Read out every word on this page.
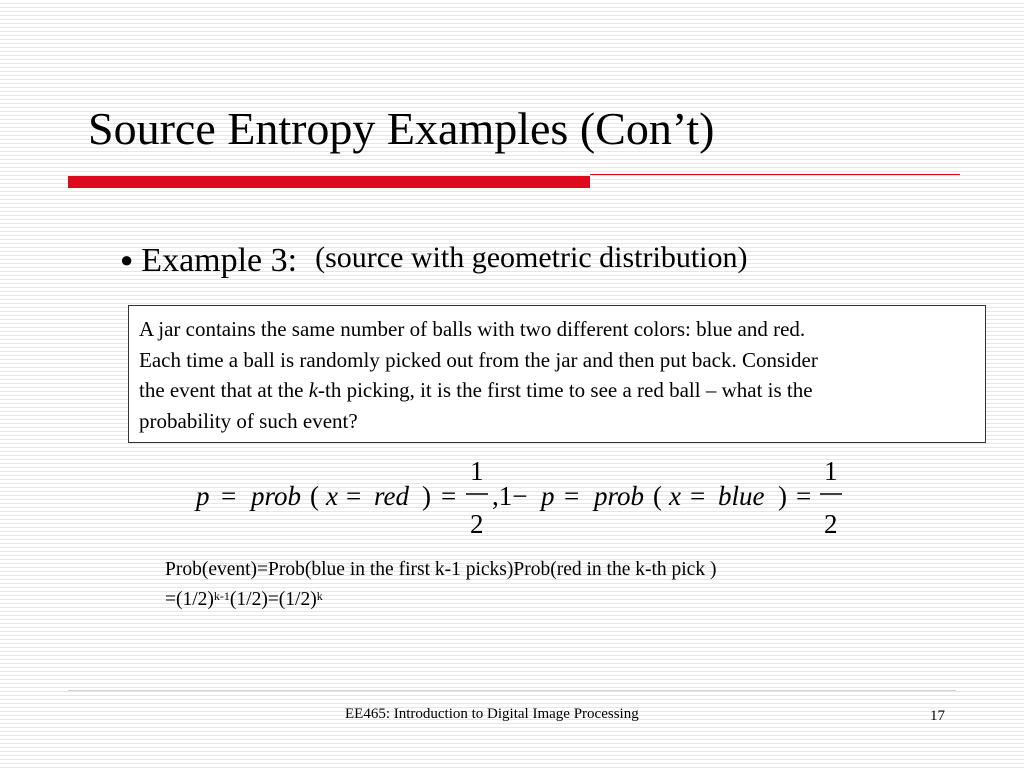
Source Entropy Examples (Con’t)
● Example 3: (source with geometric distribution)
A jar contains the same number of balls with two different colors: blue and red.
Each time a ball is randomly picked out from the jar and then put back. Consider
the event that at the k-th picking, it is the first time to see a red ball – what is the
probability of such event?
p = prob ( x = red ) =
1
2
,1− p = prob ( x = blue ) =
1
2
Prob(event)=Prob(blue in the first k-1 picks)Prob(red in the k-th pick )
$=(1/2)^{k-1}(1/2)=(1/2)^k$
EE465: Introduction to Digital Image Processing	17
